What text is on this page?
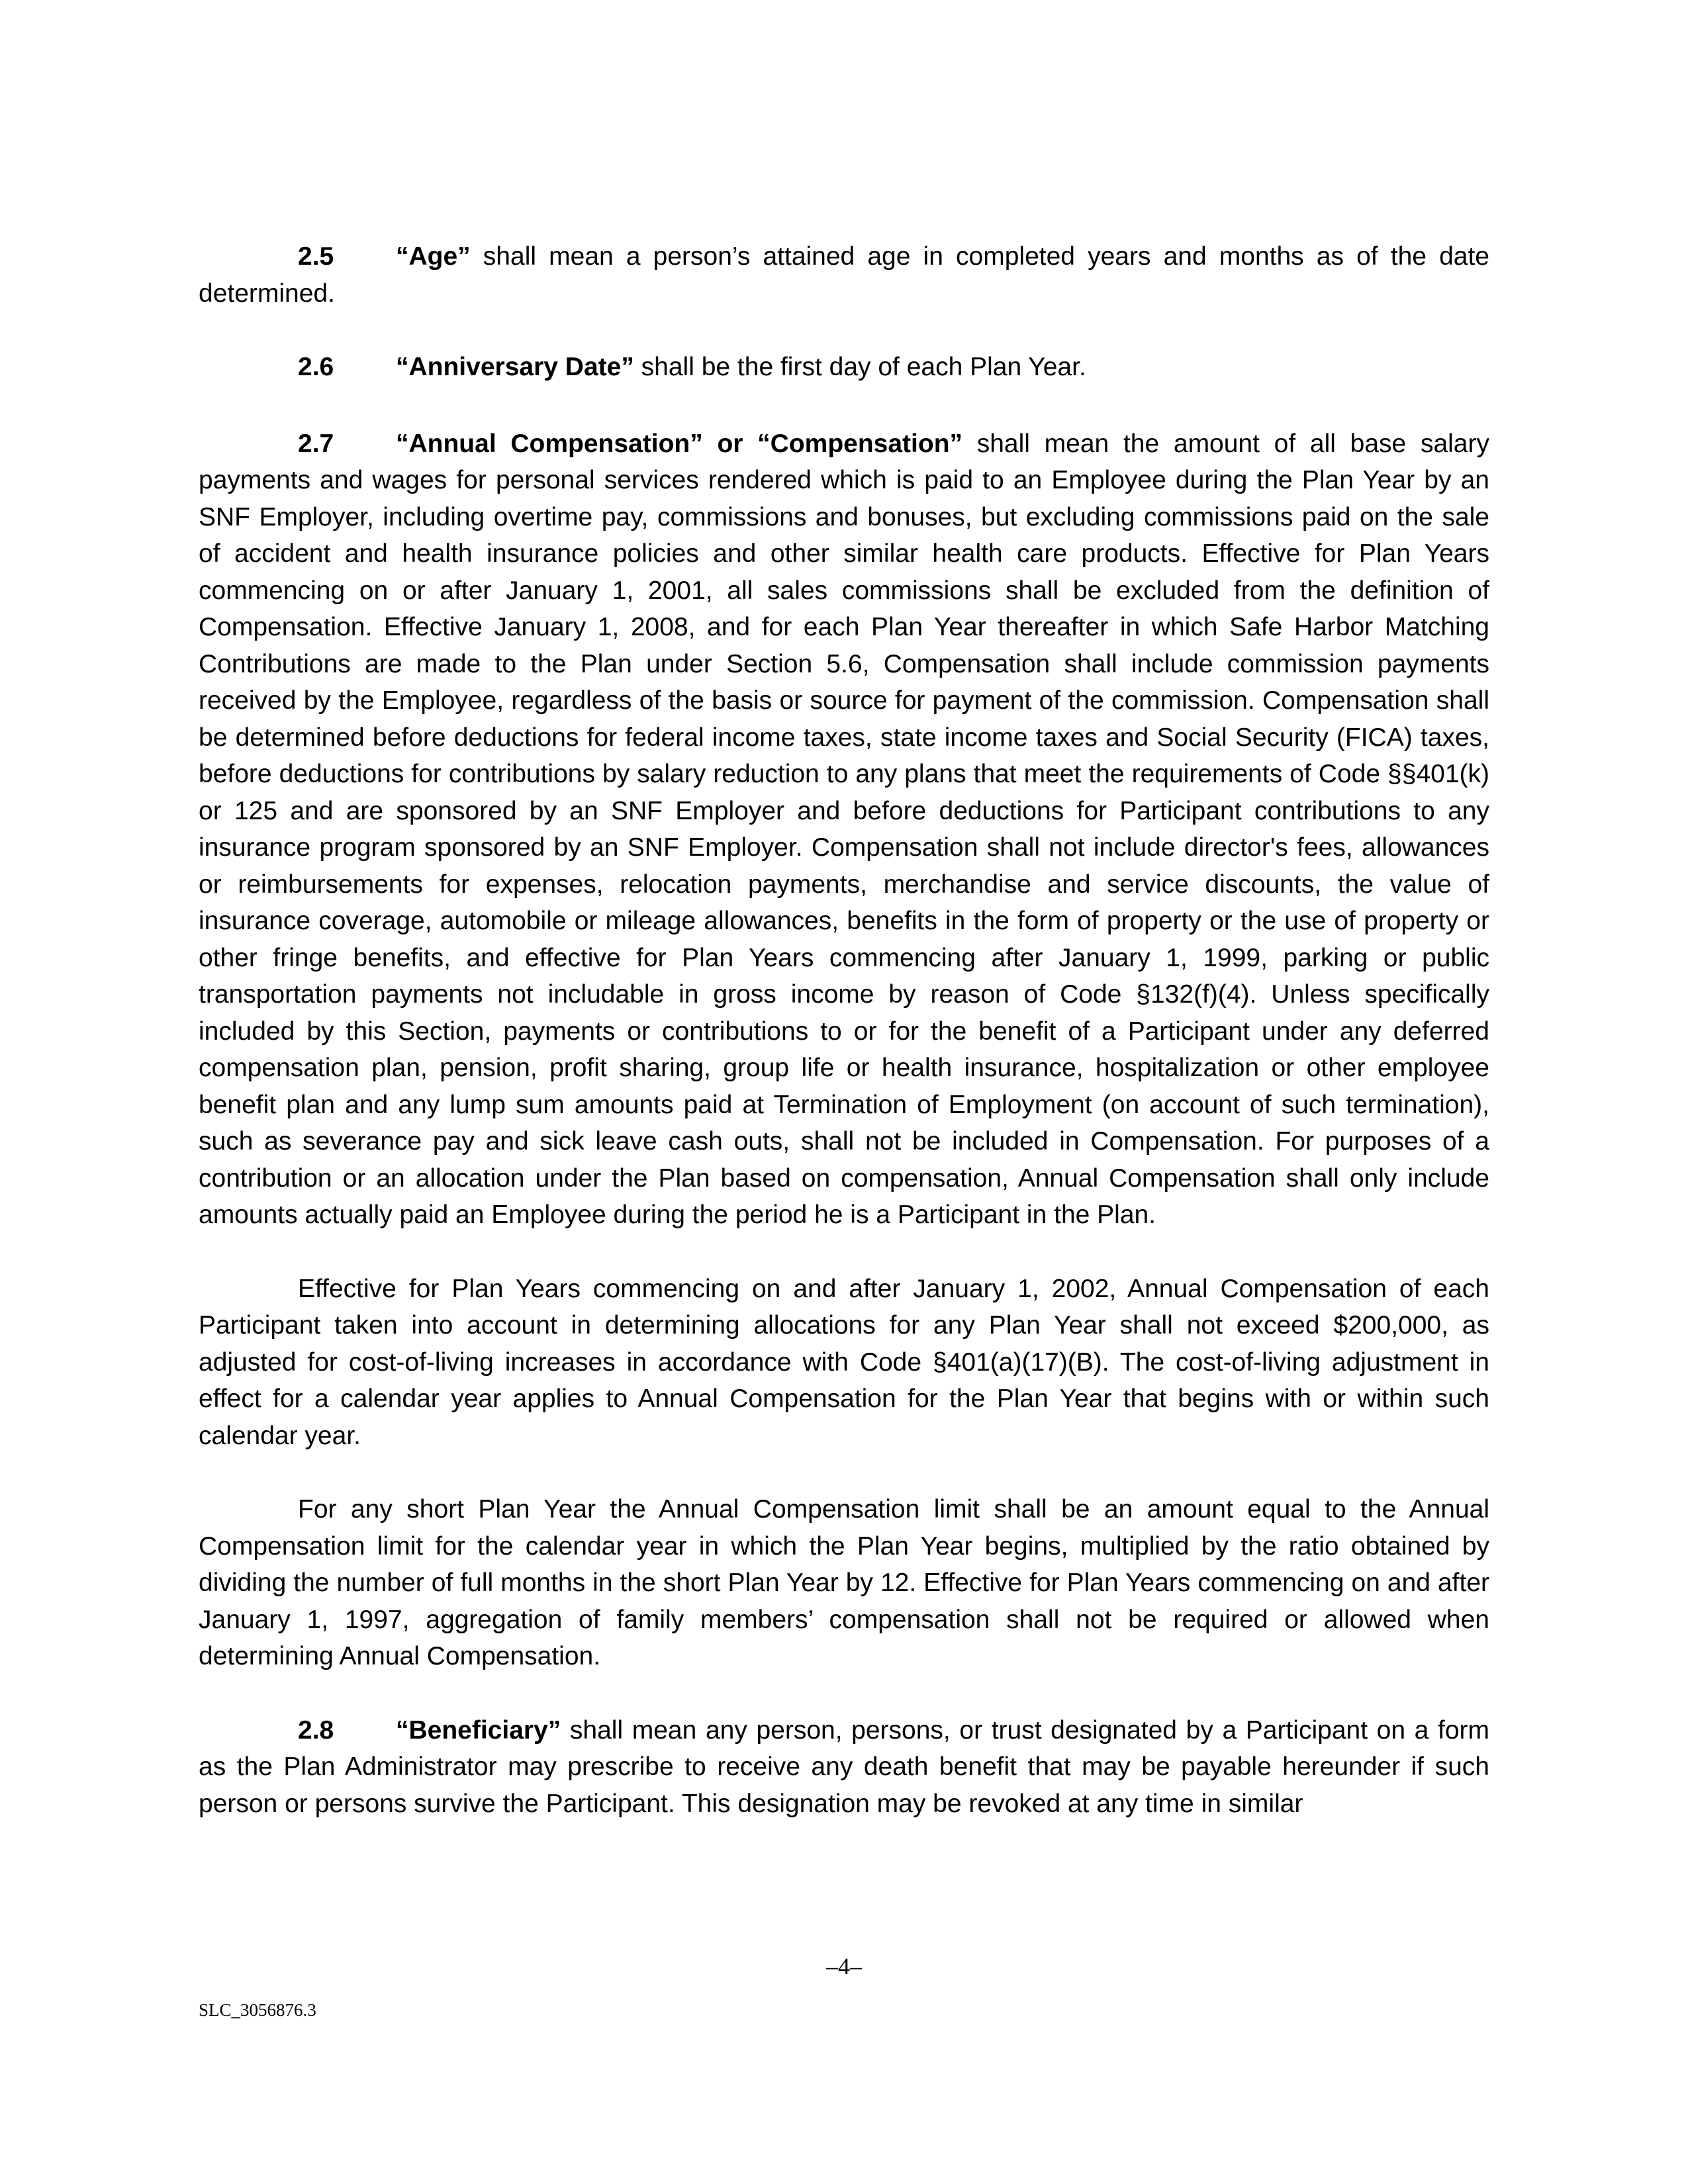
2.5 “Age” shall mean a person’s attained age in completed years and months as of the date determined.

2.6 “Anniversary Date” shall be the first day of each Plan Year.

2.7 “Annual Compensation” or “Compensation” shall mean the amount of all base salary payments and wages for personal services rendered which is paid to an Employee during the Plan Year by an SNF Employer, including overtime pay, commissions and bonuses, but excluding commissions paid on the sale of accident and health insurance policies and other similar health care products. Effective for Plan Years commencing on or after January 1, 2001, all sales commissions shall be excluded from the definition of Compensation. Effective January 1, 2008, and for each Plan Year thereafter in which Safe Harbor Matching Contributions are made to the Plan under Section 5.6, Compensation shall include commission payments received by the Employee, regardless of the basis or source for payment of the commission. Compensation shall be determined before deductions for federal income taxes, state income taxes and Social Security (FICA) taxes, before deductions for contributions by salary reduction to any plans that meet the requirements of Code §§401(k) or 125 and are sponsored by an SNF Employer and before deductions for Participant contributions to any insurance program sponsored by an SNF Employer. Compensation shall not include director's fees, allowances or reimbursements for expenses, relocation payments, merchandise and service discounts, the value of insurance coverage, automobile or mileage allowances, benefits in the form of property or the use of property or other fringe benefits, and effective for Plan Years commencing after January 1, 1999, parking or public transportation payments not includable in gross income by reason of Code §132(f)(4). Unless specifically included by this Section, payments or contributions to or for the benefit of a Participant under any deferred compensation plan, pension, profit sharing, group life or health insurance, hospitalization or other employee benefit plan and any lump sum amounts paid at Termination of Employment (on account of such termination), such as severance pay and sick leave cash outs, shall not be included in Compensation. For purposes of a contribution or an allocation under the Plan based on compensation, Annual Compensation shall only include amounts actually paid an Employee during the period he is a Participant in the Plan.

Effective for Plan Years commencing on and after January 1, 2002, Annual Compensation of each Participant taken into account in determining allocations for any Plan Year shall not exceed $200,000, as adjusted for cost-of-living increases in accordance with Code §401(a)(17)(B). The cost-of-living adjustment in effect for a calendar year applies to Annual Compensation for the Plan Year that begins with or within such calendar year.

For any short Plan Year the Annual Compensation limit shall be an amount equal to the Annual Compensation limit for the calendar year in which the Plan Year begins, multiplied by the ratio obtained by dividing the number of full months in the short Plan Year by 12. Effective for Plan Years commencing on and after January 1, 1997, aggregation of family members’ compensation shall not be required or allowed when determining Annual Compensation.

2.8 “Beneficiary” shall mean any person, persons, or trust designated by a Participant on a form as the Plan Administrator may prescribe to receive any death benefit that may be payable hereunder if such person or persons survive the Participant. This designation may be revoked at any time in similar

–4–
SLC_3056876.3
